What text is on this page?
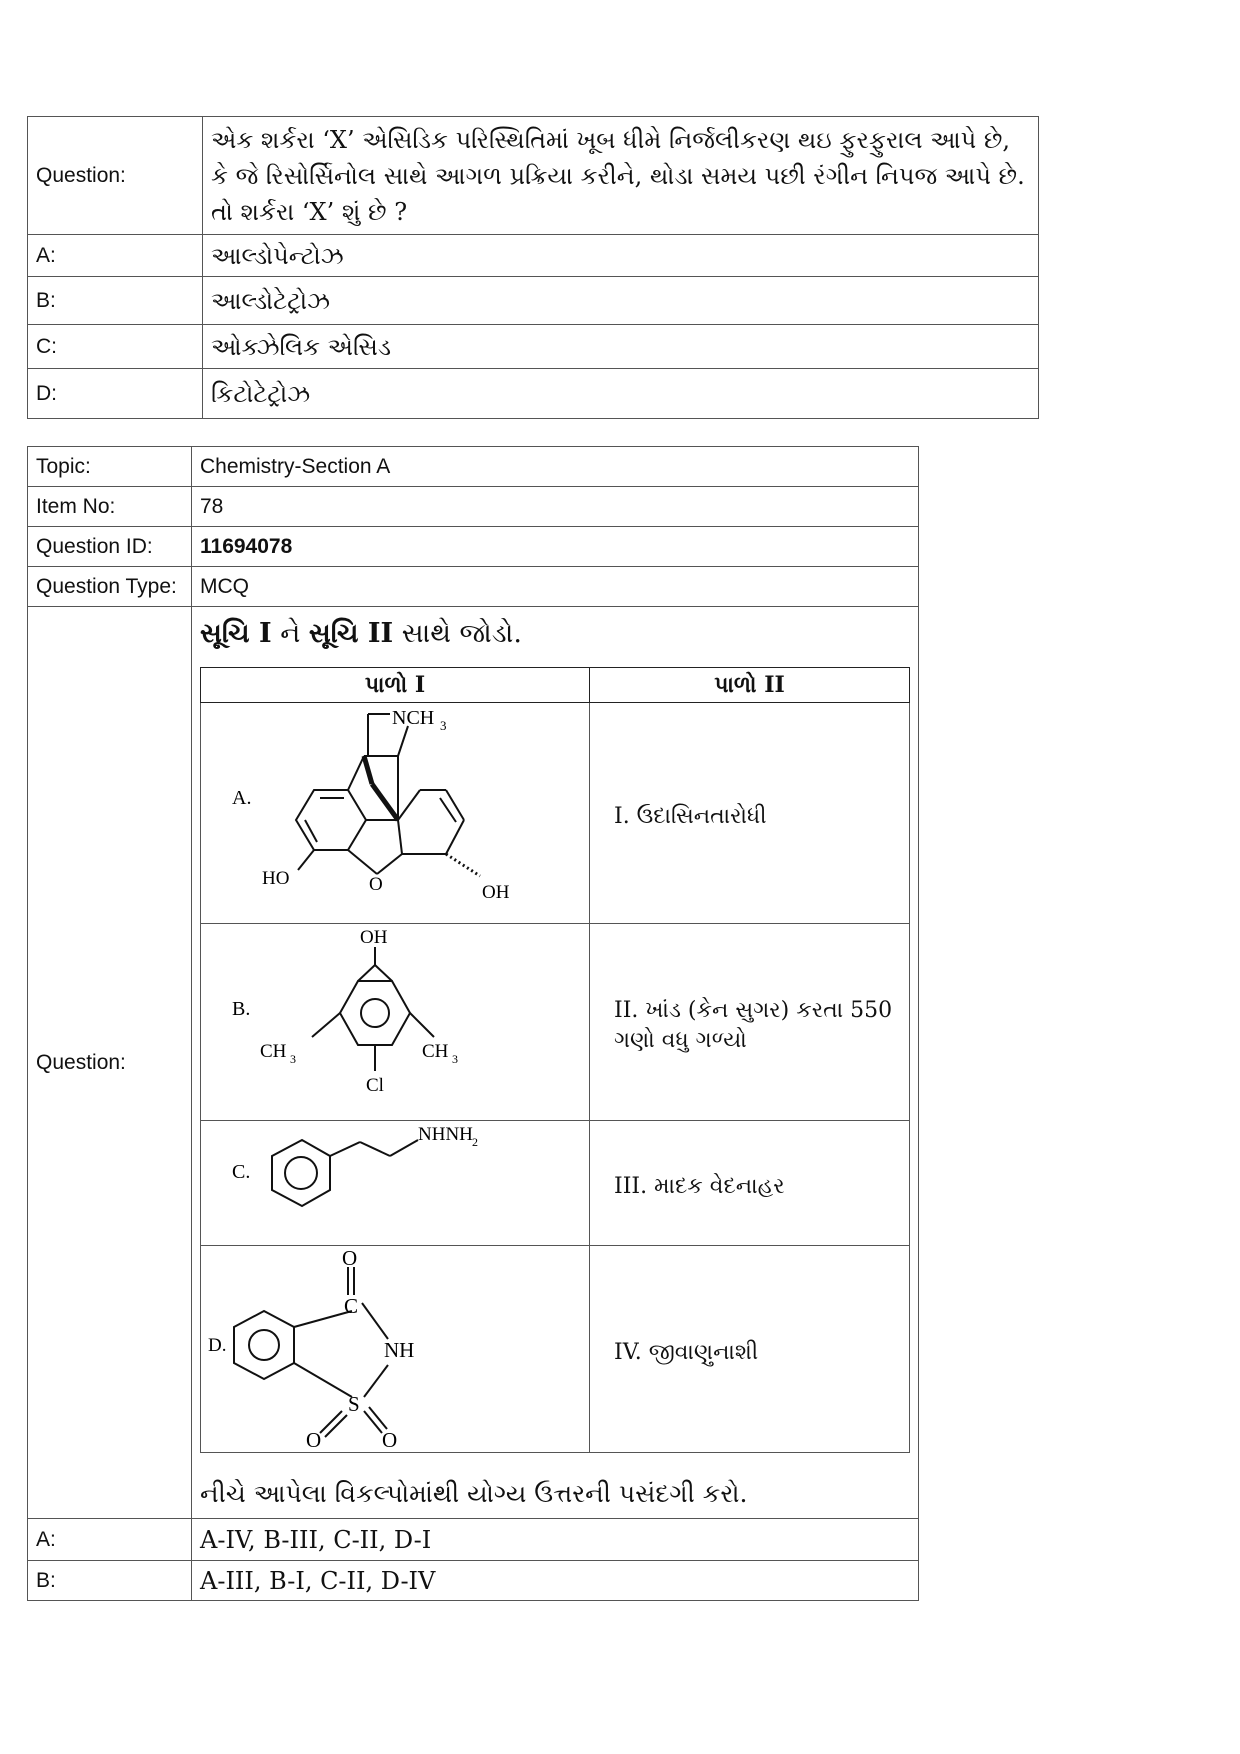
Question:	એક શર્કરા ‘X’ એસિડિક પરિસ્થિતિમાં ખૂબ ધીમે નિર્જલીકરણ થઇ ફુરફુરાલ આપે છે, કે જે રિસોર્સિનોલ સાથે આગળ પ્રક્રિયા કરીને, થોડા સમય પછી રંગીન નિપજ આપે છે. તો શર્કરા ‘X’ શું છે ?
A:	આલ્ડોપેન્ટોઝ
B:	આલ્ડોટેટ્રોઝ
C:	ઓક્ઝેલિક એસિડ
D:	કિટોટેટ્રોઝ
Topic:	Chemistry-Section A
Item No:	78
Question ID:	11694078
Question Type:	MCQ
Question:	
સૂચિ I ને સૂચિ II સાથે જોડો.
પાળો I	પાળો II

A.
NCH 3
HO	O	OH
	I. ઉદાસિનતારોધી

B.
OH
CH 3	CH 3
Cl
	II. ખાંડ (કેન સુગર) કરતા 550 ગણો વધુ ગળ્યો

C.
NHNH 2
	III. માદક વેદનાહર

D.
O
C
NH
S
O	O
	IV. જીવાણુનાશી
નીચે આપેલા વિકલ્પોમાંથી યોગ્ય ઉત્તરની પસંદગી કરો.

A:	A-IV, B-III, C-II, D-I
B:	A-III, B-I, C-II, D-IV
